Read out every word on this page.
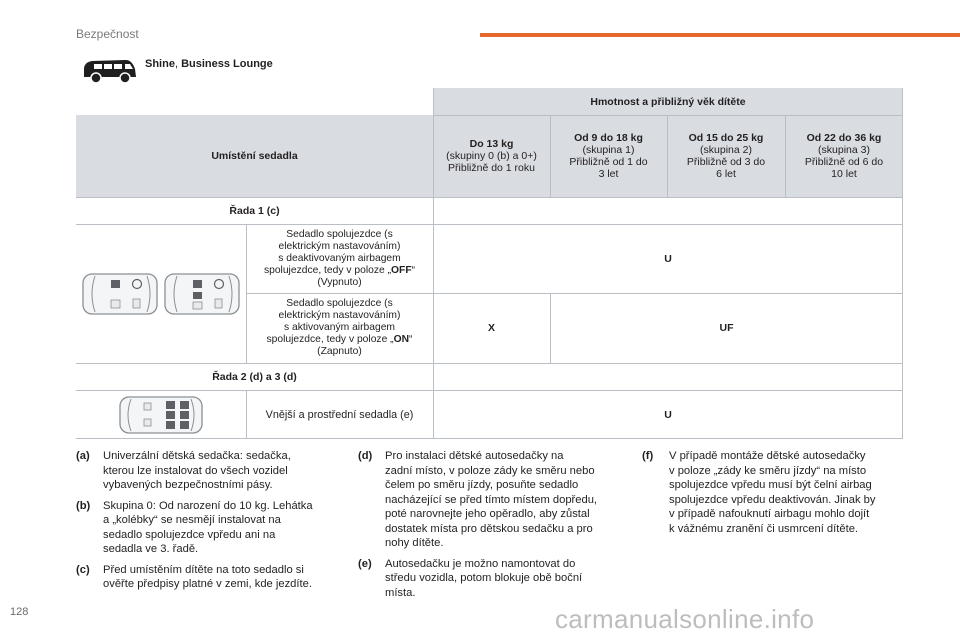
Bezpečnost
Shine, Business Lounge
Hmotnost a přibližný věk dítěte
Umístění sedadla
Do 13 kg
(skupiny 0 (b) a 0+)
Přibližně do 1 roku
Od 9 do 18 kg
(skupina 1)
Přibližně od 1 do
3 let
Od 15 do 25 kg
(skupina 2)
Přibližně od 3 do
6 let
Od 22 do 36 kg
(skupina 3)
Přibližně od 6 do
10 let
Řada 1 (c)
Sedadlo spolujezdce (s
elektrickým nastavováním)
s deaktivovaným airbagem
spolujezdce, tedy v poloze „OFF“
(Vypnuto)
U
Sedadlo spolujezdce (s
elektrickým nastavováním)
s aktivovaným airbagem
spolujezdce, tedy v poloze „ON“
(Zapnuto)
X	UF
Řada 2 (d) a 3 (d)
Vnější a prostřední sedadla (e)	U
(a)	Univerzální dětská sedačka: sedačka,
kterou lze instalovat do všech vozidel
vybavených bezpečnostními pásy.
(b)	Skupina 0: Od narození do 10 kg. Lehátka
a „kolébky“ se nesmějí instalovat na
sedadlo spolujezdce vpředu ani na
sedadla ve 3. řadě.
(c)	Před umístěním dítěte na toto sedadlo si
ověřte předpisy platné v zemi, kde jezdíte.
(d)	Pro instalaci dětské autosedačky na
zadní místo, v poloze zády ke směru nebo
čelem po směru jízdy, posuňte sedadlo
nacházející se před tímto místem dopředu,
poté narovnejte jeho opěradlo, aby zůstal
dostatek místa pro dětskou sedačku a pro
nohy dítěte.
(e)	Autosedačku je možno namontovat do
středu vozidla, potom blokuje obě boční
místa.
(f)	V případě montáže dětské autosedačky
v poloze „zády ke směru jízdy“ na místo
spolujezdce vpředu musí být čelní airbag
spolujezdce vpředu deaktivován. Jinak by
v případě nafouknutí airbagu mohlo dojít
k vážnému zranění či usmrcení dítěte.
128	carmanualsonline.info
